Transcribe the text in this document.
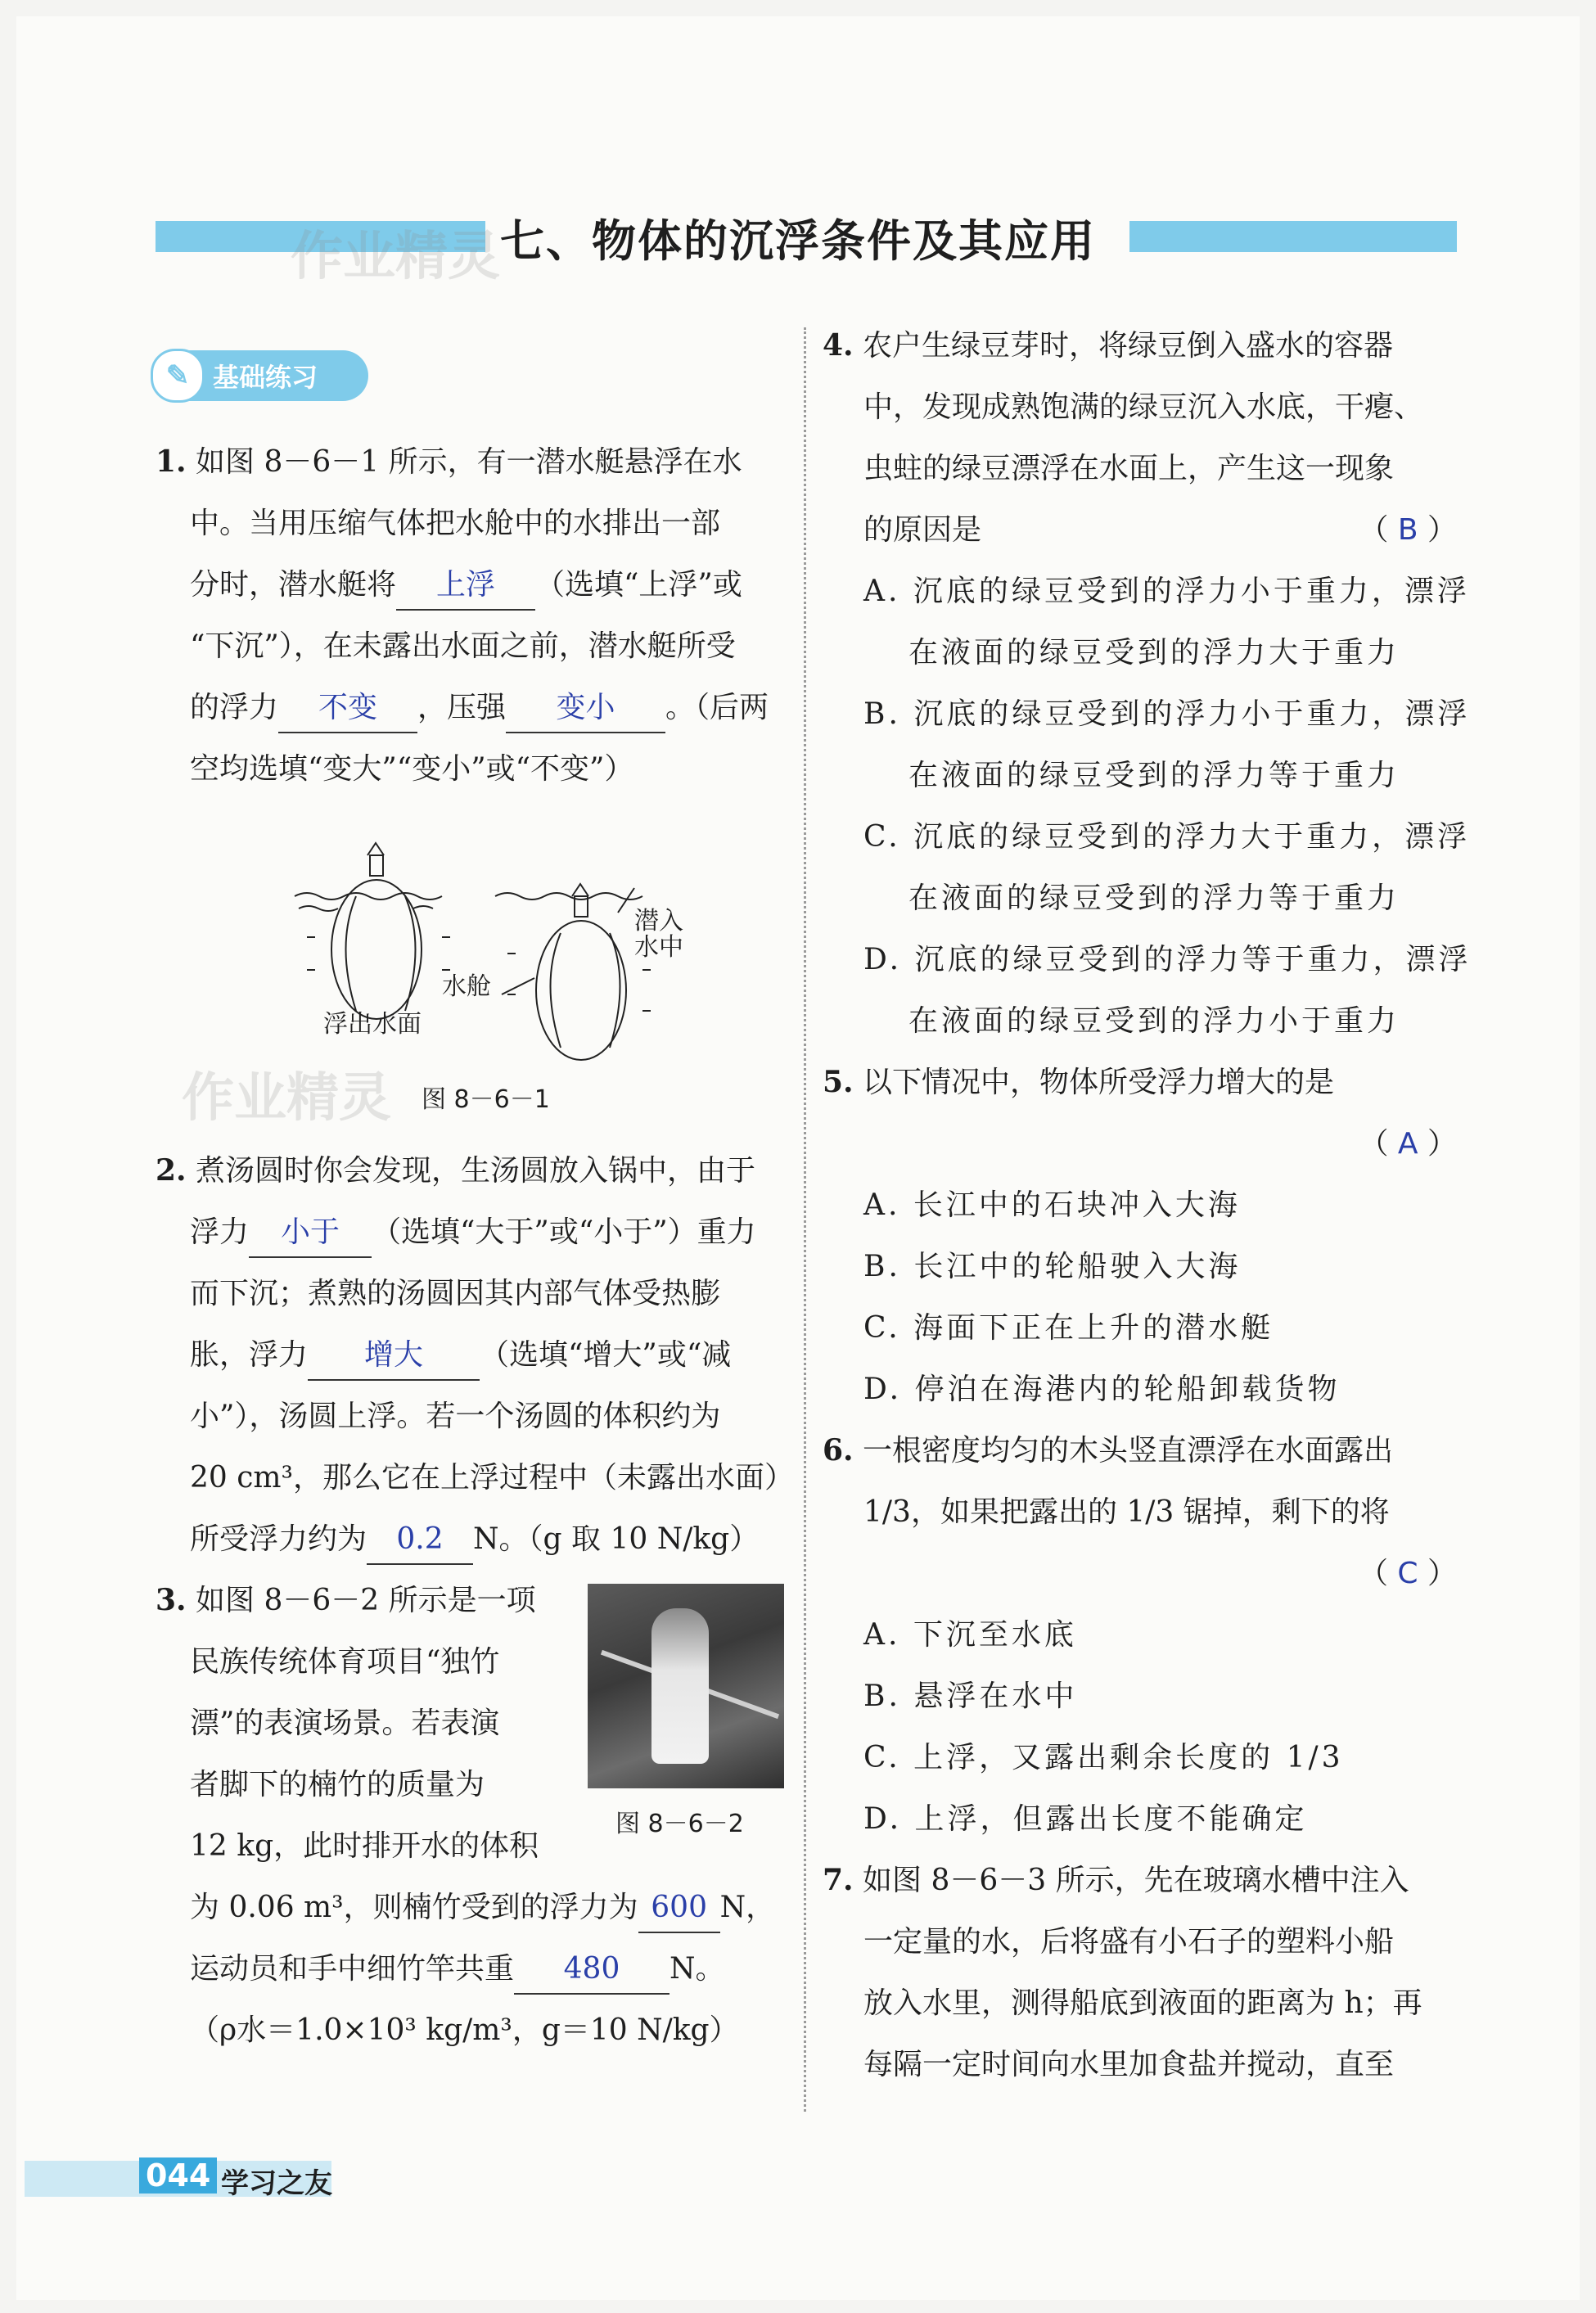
七、物体的沉浮条件及其应用
作业精灵
作业精灵
✎ 基础练习
1. 如图 8－6－1 所示，有一潜水艇悬浮在水
中。当用压缩气体把水舱中的水排出一部
分时，潜水艇将 上浮 （选填“上浮”或
“下沉”），在未露出水面之前，潜水艇所受
的浮力 不变 ，压强 变小 。（后两
空均选填“变大”“变小”或“不变”）
浮出水面
水舱
潜入
水中
图 8－6－1
2. 煮汤圆时你会发现，生汤圆放入锅中，由于
浮力 小于 （选填“大于”或“小于”）重力
而下沉；煮熟的汤圆因其内部气体受热膨
胀，浮力 增大 （选填“增大”或“减
小”），汤圆上浮。若一个汤圆的体积约为
20 cm³，那么它在上浮过程中（未露出水面）
所受浮力约为 0.2 N。（g 取 10 N/kg）
3. 如图 8－6－2 所示是一项
民族传统体育项目“独竹
漂”的表演场景。若表演
者脚下的楠竹的质量为
12 kg，此时排开水的体积
为 0.06 m³，则楠竹受到的浮力为 600 N，
运动员和手中细竹竿共重 480 N。
（ρ水＝1.0×10³ kg/m³，g＝10 N/kg）
图 8－6－2
4. 农户生绿豆芽时，将绿豆倒入盛水的容器
中，发现成熟饱满的绿豆沉入水底，干瘪、
虫蛀的绿豆漂浮在水面上，产生这一现象
的原因是	（ B ）
A. 沉底的绿豆受到的浮力小于重力，漂浮
在液面的绿豆受到的浮力大于重力
B. 沉底的绿豆受到的浮力小于重力，漂浮
在液面的绿豆受到的浮力等于重力
C. 沉底的绿豆受到的浮力大于重力，漂浮
在液面的绿豆受到的浮力等于重力
D. 沉底的绿豆受到的浮力等于重力，漂浮
在液面的绿豆受到的浮力小于重力
5. 以下情况中，物体所受浮力增大的是
（ A ）
A. 长江中的石块冲入大海
B. 长江中的轮船驶入大海
C. 海面下正在上升的潜水艇
D. 停泊在海港内的轮船卸载货物
6. 一根密度均匀的木头竖直漂浮在水面露出
1/3，如果把露出的 1/3 锯掉，剩下的将
（ C ）
A. 下沉至水底
B. 悬浮在水中
C. 上浮，又露出剩余长度的 1/3
D. 上浮，但露出长度不能确定
7. 如图 8－6－3 所示，先在玻璃水槽中注入
一定量的水，后将盛有小石子的塑料小船
放入水里，测得船底到液面的距离为 h；再
每隔一定时间向水里加食盐并搅动，直至
044 学习之友
